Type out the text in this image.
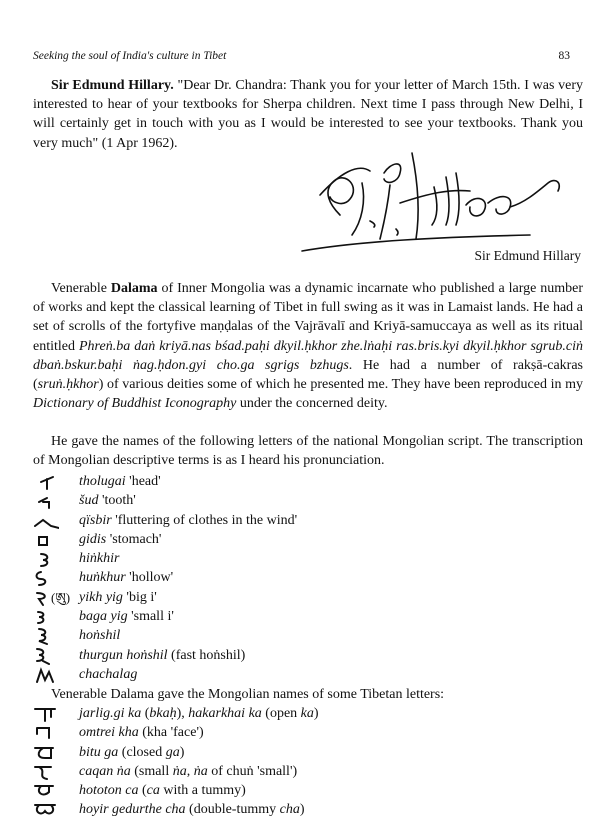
Seeking the soul of India's culture in Tibet	83
Sir Edmund Hillary. "Dear Dr. Chandra: Thank you for your letter of March 15th. I was very interested to hear of your textbooks for Sherpa children. Next time I pass through New Delhi, I will certainly get in touch with you as I would be interested to see your textbooks. Thank you very much" (1 Apr 1962).
Sir Edmund Hillary
Venerable Dalama of Inner Mongolia was a dynamic incarnate who published a large number of works and kept the classical learning of Tibet in full swing as it was in Lamaist lands. He had a set of scrolls of the fortyfive maṇḍalas of the Vajrāvalī and Kriyā-samuccaya as well as its ritual entitled Phreṅ.ba daṅ kriyā.nas bśad.paḥi dkyil.ḥkhor zhe.lṅaḥi ras.bris.kyi dkyil.ḥkhor sgrub.ciṅ dbaṅ.bskur.baḥi ṅag.ḥdon.gyi cho.ga sgrigs bzhugs. He had a number of rakṣā-cakras (sruṅ.ḥkhor) of various deities some of which he presented me. They have been reproduced in my Dictionary of Buddhist Iconography under the concerned deity.
He gave the names of the following letters of the national Mongolian script. The transcription of Mongolian descriptive terms is as I heard his pronunciation.
tholugai 'head'
šud 'tooth'
qïsbir 'fluttering of clothes in the wind'
gidis 'stomach'
hiṅkhir
huṅkhur 'hollow'
(ཨུ) yikh yig 'big i'
baga yig 'small i'
hoṅshil
thurgun hoṅshil (fast hoṅshil)
chachalag
Venerable Dalama gave the Mongolian names of some Tibetan letters:
jarlig.gi ka (bkaḥ), hakarkhai ka (open ka)
omtrei kha (kha 'face')
bitu ga (closed ga)
caqan ṅa (small ṅa, ṅa of chuṅ 'small')
hototon ca (ca with a tummy)
hoyir gedurthe cha (double-tummy cha)
